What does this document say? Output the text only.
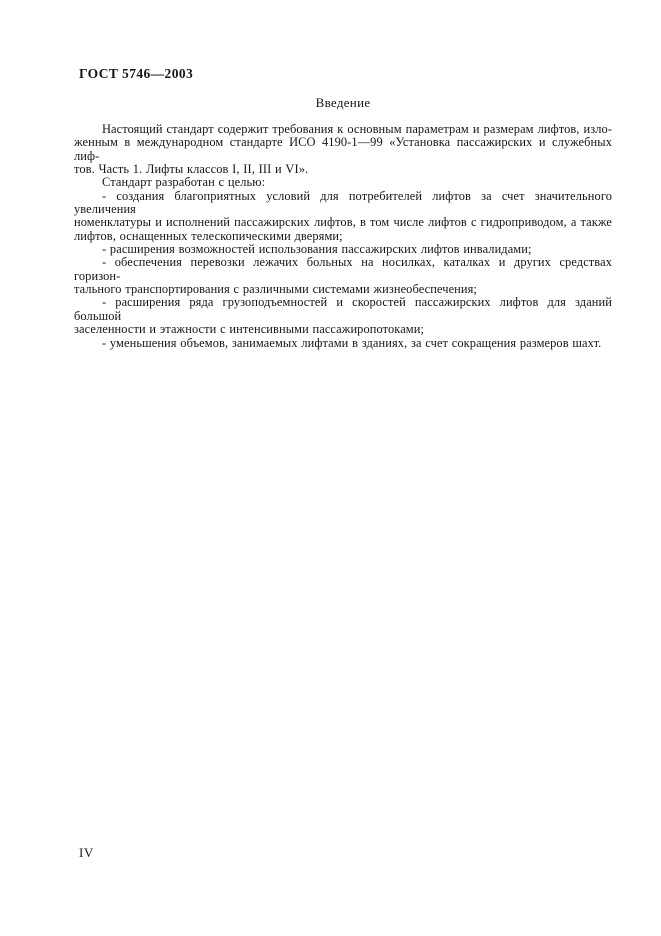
ГОСТ 5746—2003
Введение
Настоящий стандарт содержит требования к основным параметрам и размерам лифтов, изло-
женным в международном стандарте ИСО 4190-1—99 «Установка пассажирских и служебных лиф-
тов. Часть 1. Лифты классов I, II, III и VI».
Стандарт разработан с целью:
- создания благоприятных условий для потребителей лифтов за счет значительного увеличения
номенклатуры и исполнений пассажирских лифтов, в том числе лифтов с гидроприводом, а также
лифтов, оснащенных телескопическими дверями;
- расширения возможностей использования пассажирских лифтов инвалидами;
- обеспечения перевозки лежачих больных на носилках, каталках и других средствах горизон-
тального транспортирования с различными системами жизнеобеспечения;
- расширения ряда грузоподъемностей и скоростей пассажирских лифтов для зданий большой
заселенности и этажности с интенсивными пассажиропотоками;
- уменьшения объемов, занимаемых лифтами в зданиях, за счет сокращения размеров шахт.
IV
